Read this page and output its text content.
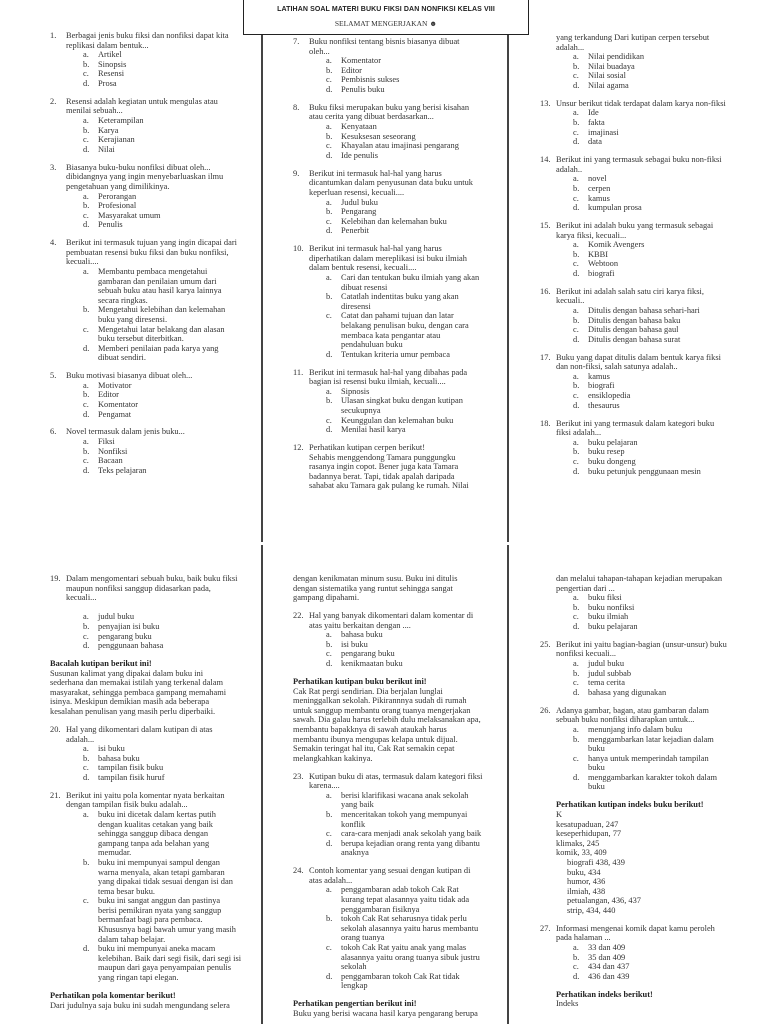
LATIHAN SOAL MATERI BUKU FIKSI DAN NONFIKSI KELAS VIII
SELAMAT MENGERJAKAN ☻
1. Berbagai jenis buku fiksi dan nonfiksi dapat kita
replikasi dalam bentuk...
a. Artikel
b. Sinopsis
c. Resensi
d. Prosa
2. Resensi adalah kegiatan untuk mengulas atau
menilai sebuah...
a. Keterampilan
b. Karya
c. Kerajianan
d. Nilai
3. Biasanya buku-buku nonfiksi dibuat oleh...
dibidangnya yang ingin menyebarluaskan ilmu
pengetahuan yang dimilikinya.
a. Perorangan
b. Profesional
c. Masyarakat umum
d. Penulis
4. Berikut ini termasuk tujuan yang ingin dicapai dari
pembuatan resensi buku fiksi dan buku nonfiksi,
kecuali....
a. Membantu pembaca mengetahui
gambaran dan penilaian umum dari
sebuah buku atau hasil karya lainnya
secara ringkas.
b. Mengetahui kelebihan dan kelemahan
buku yang diresensi.
c. Mengetahui latar belakang dan alasan
buku tersebut diterbitkan.
d. Memberi penilaian pada karya yang
dibuat sendiri.
5. Buku motivasi biasanya dibuat oleh...
a. Motivator
b. Editor
c. Komentator
d. Pengamat
6. Novel termasuk dalam jenis buku...
a. Fiksi
b. Nonfiksi
c. Bacaan
d. Teks pelajaran
7. Buku nonfiksi tentang bisnis biasanya dibuat
oleh...
a. Komentator
b. Editor
c. Pembisnis sukses
d. Penulis buku
8. Buku fiksi merupakan buku yang berisi kisahan
atau cerita yang dibuat berdasarkan...
a. Kenyataan
b. Kesuksesan seseorang
c. Khayalan atau imajinasi pengarang
d. Ide penulis
9. Berikut ini termasuk hal-hal yang harus
dicantumkan dalam penyusunan data buku untuk
keperluan resensi, kecuali....
a. Judul buku
b. Pengarang
c. Kelebihan dan kelemahan buku
d. Penerbit
10. Berikut ini termasuk hal-hal yang harus
diperhatikan dalam mereplikasi isi buku ilmiah
dalam bentuk resensi, kecuali....
a. Cari dan tentukan buku ilmiah yang akan
dibuat resensi
b. Catatlah indentitas buku yang akan
diresensi
c. Catat dan pahami tujuan dan latar
belakang penulisan buku, dengan cara
membaca kata pengantar atau
pendahuluan buku
d. Tentukan kriteria umur pembaca
11. Berikut ini termasuk hal-hal yang dibahas pada
bagian isi resensi buku ilmiah, kecuali....
a. Sipnosis
b. Ulasan singkat buku dengan kutipan
secukupnya
c. Keunggulan dan kelemahan buku
d. Menilai hasil karya
12. Perhatikan kutipan cerpen berikut!
Sehabis menggendong Tamara punggungku
rasanya ingin copot. Bener juga kata Tamara
badannya berat. Tapi, tidak apalah daripada
sahabat aku Tamara gak pulang ke rumah. Nilai
yang terkandung Dari kutipan cerpen tersebut
adalah...
a. Nilai pendidikan
b. Nilai buadaya
c. Nilai sosial
d. Nilai agama
13. Unsur berikut tidak terdapat dalam karya non-fiksi
a. Ide
b. fakta
c. imajinasi
d. data
14. Berikut ini yang termasuk sebagai buku non-fiksi
adalah..
a. novel
b. cerpen
c. kamus
d. kumpulan prosa
15. Berikut ini adalah buku yang termasuk sebagai
karya fiksi, kecuali...
a. Komik Avengers
b. KBBI
c. Webtoon
d. biografi
16. Berikut ini adalah salah satu ciri karya fiksi,
kecuali..
a. Ditulis dengan bahasa sehari-hari
b. Ditulis dengan bahasa baku
c. Ditulis dengan bahasa gaul
d. Ditulis dengan bahasa surat
17. Buku yang dapat ditulis dalam bentuk karya fiksi
dan non-fiksi, salah satunya adalah..
a. kamus
b. biografi
c. ensiklopedia
d. thesaurus
18. Berikut ini yang termasuk dalam kategori buku
fiksi adalah...
a. buku pelajaran
b. buku resep
c. buku dongeng
d. buku petunjuk penggunaan mesin
19. Dalam mengomentari sebuah buku, baik buku fiksi
maupun nonfiksi sanggup didasarkan pada,
kecuali...
a. judul buku
b. penyajian isi buku
c. pengarang buku
d. penggunaan bahasa
Bacalah kutipan berikut ini!
Susunan kalimat yang dipakai dalam buku ini
sederhana dan memakai istilah yang terkenal dalam
masyarakat, sehingga pembaca gampang memahami
isinya. Meskipun demikian masih ada beberapa
kesalahan penulisan yang masih perlu diperbaiki.
20. Hal yang dikomentari dalam kutipan di atas
adalah...
a. isi buku
b. bahasa buku
c. tampilan fisik buku
d. tampilan fisik huruf
21. Berikut ini yaitu pola komentar nyata berkaitan
dengan tampilan fisik buku adalah...
a. buku ini dicetak dalam kertas putih
dengan kualitas cetakan yang baik
sehingga sanggup dibaca dengan
gampang tanpa ada belahan yang
memudar.
b. buku ini mempunyai sampul dengan
warna menyala, akan tetapi gambaran
yang dipakai tidak sesuai dengan isi dan
tema besar buku.
c. buku ini sangat anggun dan pastinya
berisi pemikiran nyata yang sanggup
bermanfaat bagi para pembaca.
Khususnya bagi bawah umur yang masih
dalam tahap belajar.
d. buku ini mempunyai aneka macam
kelebihan. Baik dari segi fisik, dari segi isi
maupun dari gaya penyampaian penulis
yang ringan tapi elegan.
Perhatikan pola komentar berikut!
Dari judulnya saja buku ini sudah mengundang selera
dengan kenikmatan minum susu. Buku ini ditulis
dengan sistematika yang runtut sehingga sangat
gampang dipahami.
22. Hal yang banyak dikomentari dalam komentar di
atas yaitu berkaitan dengan ....
a. bahasa buku
b. isi buku
c. pengarang buku
d. kenikmaatan buku
Perhatikan kutipan buku berikut ini!
Cak Rat pergi sendirian. Dia berjalan lunglai
meninggalkan sekolah. Pikirannnya sudah di rumah
untuk sanggup membantu orang tuanya mengerjakan
sawah. Dia galau harus terlebih dulu melaksanakan apa,
membantu bapakknya di sawah ataukah harus
membantu ibunya mengupas kelapa untuk dijual.
Semakin teringat hal itu, Cak Rat semakin cepat
melangkahkan kakinya.
23. Kutipan buku di atas, termasuk dalam kategori fiksi
karena....
a. berisi klarifikasi wacana anak sekolah
yang baik
b. menceritakan tokoh yang mempunyai
konflik
c. cara-cara menjadi anak sekolah yang baik
d. berupa kejadian orang renta yang dibantu
anaknya
24. Contoh komentar yang sesuai dengan kutipan di
atas adalah...
a. penggambaran adab tokoh Cak Rat
kurang tepat alasannya yaitu tidak ada
penggambaran fisiknya
b. tokoh Cak Rat seharusnya tidak perlu
sekolah alasannya yaitu harus membantu
orang tuanya
c. tokoh Cak Rat yaitu anak yang malas
alasannya yaitu orang tuanya sibuk justru
sekolah
d. penggambaran tokoh Cak Rat tidak
lengkap
Perhatikan pengertian berikut ini!
Buku yang berisi wacana hasil karya pengarang berupa
dan melalui tahapan-tahapan kejadian merupakan
pengertian dari ...
a. buku fiksi
b. buku nonfiksi
c. buku ilmiah
d. buku pelajaran
25. Berikut ini yaitu bagian-bagian (unsur-unsur) buku
nonfiksi kecuali...
a. judul buku
b. judul subbab
c. tema cerita
d. bahasa yang digunakan
26. Adanya gambar, bagan, atau gambaran dalam
sebuah buku nonfiksi diharapkan untuk...
a. menunjang info dalam buku
b. menggambarkan latar kejadian dalam
buku
c. hanya untuk memperindah tampilan
buku
d. menggambarkan karakter tokoh dalam
buku
Perhatikan kutipan indeks buku berikut!
K
kesatupaduan, 247
keseperhidupan, 77
klimaks, 245
komik, 33, 409
biografi 438, 439
buku, 434
humor, 436
ilmiah, 438
petualangan, 436, 437
strip, 434, 440
27. Informasi mengenai komik dapat kamu peroleh
pada halaman ...
a. 33 dan 409
b. 35 dan 409
c. 434 dan 437
d. 436 dan 439
Perhatikan indeks berikut!
Indeks
